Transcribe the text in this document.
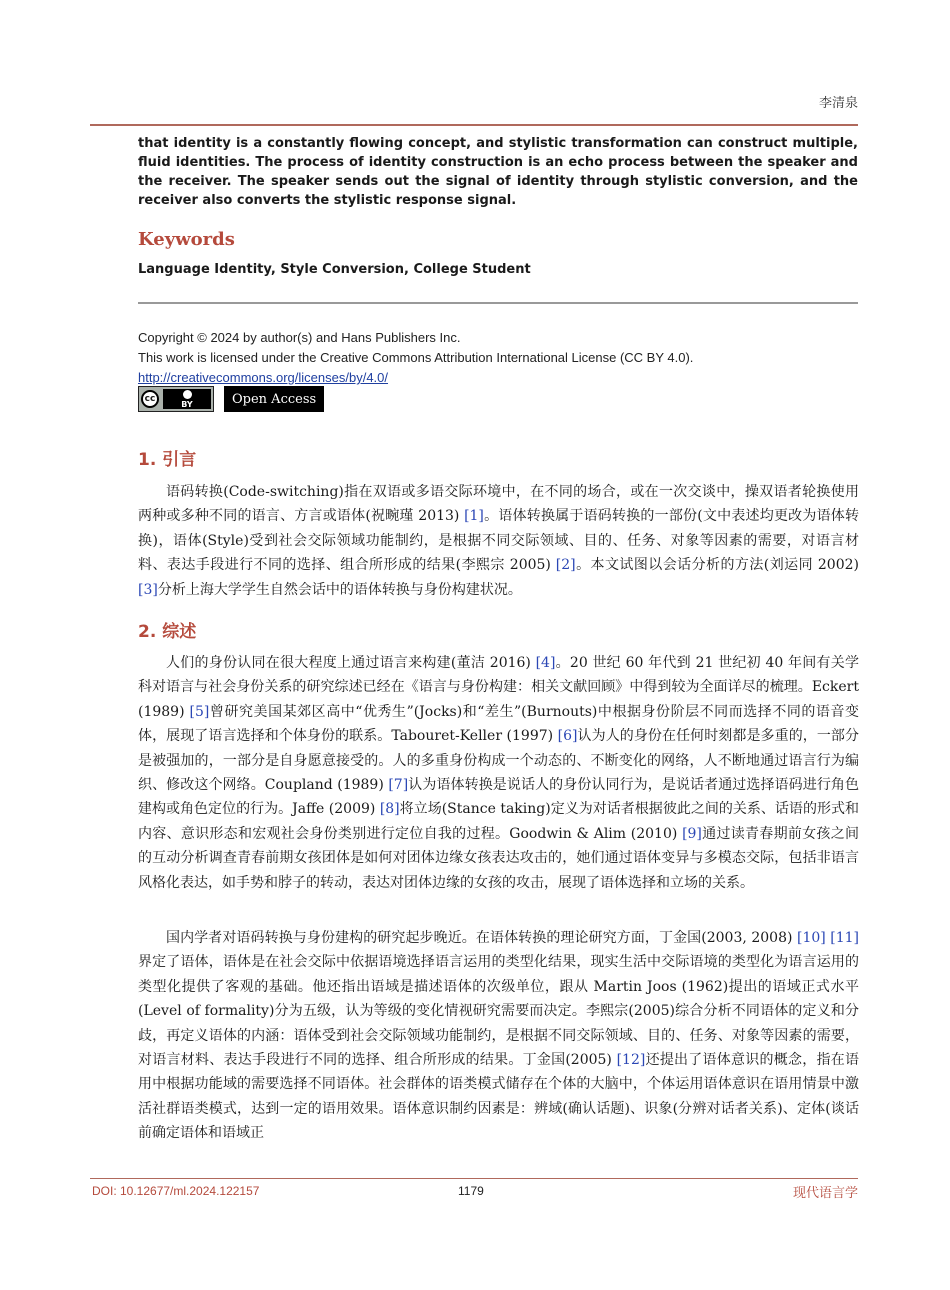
李清泉
that identity is a constantly flowing concept, and stylistic transformation can construct multiple, fluid identities. The process of identity construction is an echo process between the speaker and the receiver. The speaker sends out the signal of identity through stylistic conversion, and the receiver also converts the stylistic response signal.
Keywords
Language Identity, Style Conversion, College Student
Copyright © 2024 by author(s) and Hans Publishers Inc.
This work is licensed under the Creative Commons Attribution International License (CC BY 4.0).
http://creativecommons.org/licenses/by/4.0/
cc	BY	Open Access
1. 引言

语码转换(Code-switching)指在双语或多语交际环境中，在不同的场合，或在一次交谈中，操双语者轮换使用两种或多种不同的语言、方言或语体(祝畹瑾 2013) [1]。语体转换属于语码转换的一部份(文中表述均更改为语体转换)，语体(Style)受到社会交际领域功能制约，是根据不同交际领域、目的、任务、对象等因素的需要，对语言材料、表达手段进行不同的选择、组合所形成的结果(李熙宗 2005) [2]。本文试图以会话分析的方法(刘运同 2002) [3]分析上海大学学生自然会话中的语体转换与身份构建状况。

2. 综述

人们的身份认同在很大程度上通过语言来构建(董洁 2016) [4]。20 世纪 60 年代到 21 世纪初 40 年间有关学科对语言与社会身份关系的研究综述已经在《语言与身份构建：相关文献回顾》中得到较为全面详尽的梳理。Eckert (1989) [5]曾研究美国某郊区高中“优秀生”(Jocks)和“差生”(Burnouts)中根据身份阶层不同而选择不同的语音变体，展现了语言选择和个体身份的联系。Tabouret-Keller (1997) [6]认为人的身份在任何时刻都是多重的，一部分是被强加的，一部分是自身愿意接受的。人的多重身份构成一个动态的、不断变化的网络，人不断地通过语言行为编织、修改这个网络。Coupland (1989) [7]认为语体转换是说话人的身份认同行为，是说话者通过选择语码进行角色建构或角色定位的行为。Jaffe (2009) [8]将立场(Stance taking)定义为对话者根据彼此之间的关系、话语的形式和内容、意识形态和宏观社会身份类别进行定位自我的过程。Goodwin & Alim (2010) [9]通过读青春期前女孩之间的互动分析调查青春前期女孩团体是如何对团体边缘女孩表达攻击的，她们通过语体变异与多模态交际，包括非语言风格化表达，如手势和脖子的转动，表达对团体边缘的女孩的攻击，展现了语体选择和立场的关系。

国内学者对语码转换与身份建构的研究起步晚近。在语体转换的理论研究方面，丁金国(2003, 2008) [10] [11]界定了语体，语体是在社会交际中依据语境选择语言运用的类型化结果，现实生活中交际语境的类型化为语言运用的类型化提供了客观的基础。他还指出语域是描述语体的次级单位，跟从 Martin Joos (1962)提出的语域正式水平(Level of formality)分为五级，认为等级的变化情视研究需要而决定。李熙宗(2005)综合分析不同语体的定义和分歧，再定义语体的内涵：语体受到社会交际领域功能制约，是根据不同交际领域、目的、任务、对象等因素的需要，对语言材料、表达手段进行不同的选择、组合所形成的结果。丁金国(2005) [12]还提出了语体意识的概念，指在语用中根据功能域的需要选择不同语体。社会群体的语类模式储存在个体的大脑中，个体运用语体意识在语用情景中激活社群语类模式，达到一定的语用效果。语体意识制约因素是：辨域(确认话题)、识象(分辨对话者关系)、定体(谈话前确定语体和语域正

DOI: 10.12677/ml.2024.122157	1179	现代语言学
